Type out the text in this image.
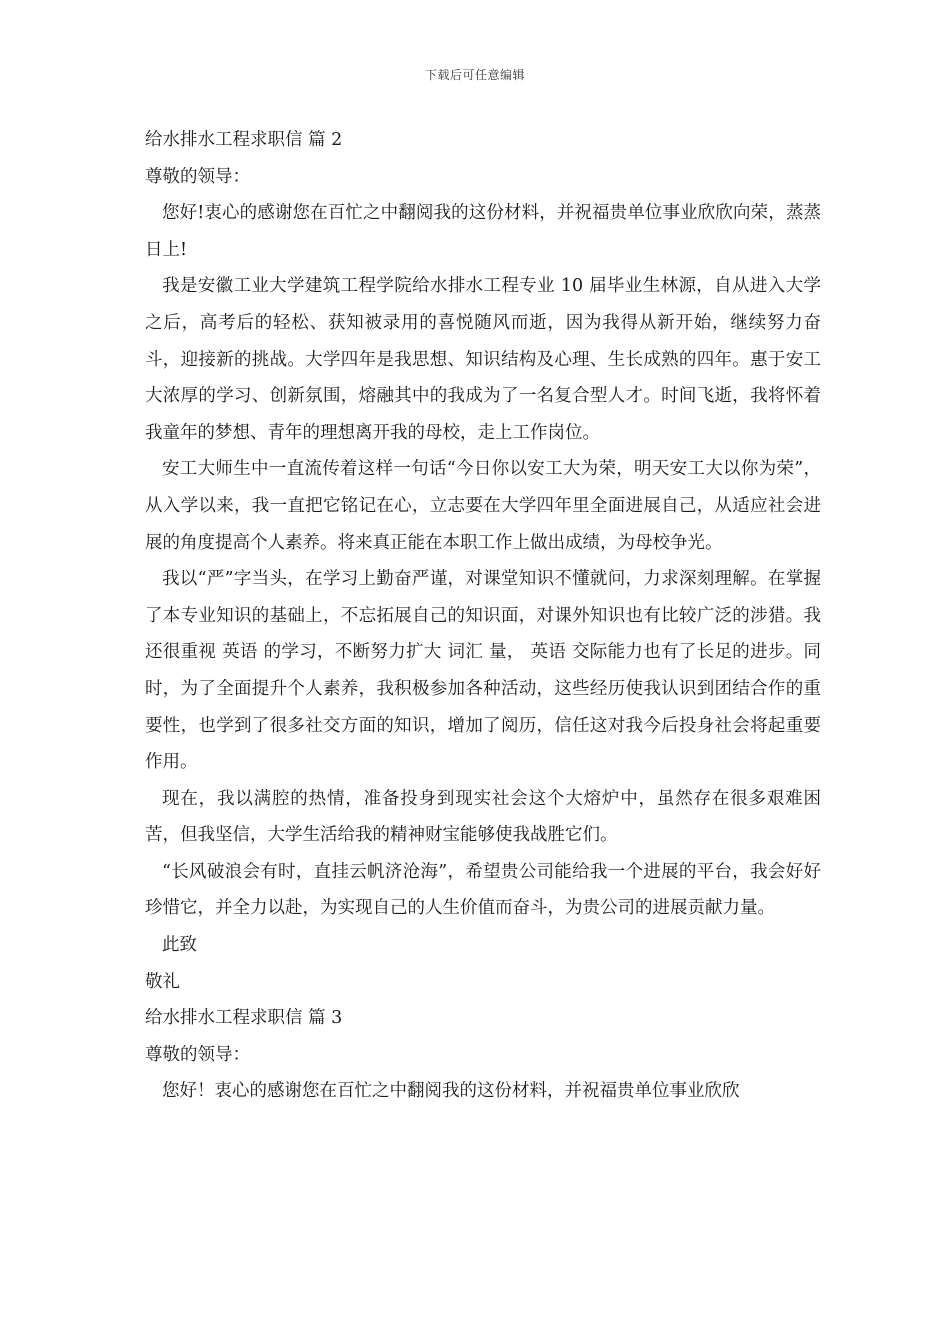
下载后可任意编辑

给水排水工程求职信 篇 2

尊敬的领导：

您好!衷心的感谢您在百忙之中翻阅我的这份材料，并祝福贵单位事业欣欣向荣，蒸蒸日上!

我是安徽工业大学建筑工程学院给水排水工程专业 10 届毕业生林源，自从进入大学之后，高考后的轻松、获知被录用的喜悦随风而逝，因为我得从新开始，继续努力奋斗，迎接新的挑战。大学四年是我思想、知识结构及心理、生长成熟的四年。惠于安工大浓厚的学习、创新氛围，熔融其中的我成为了一名复合型人才。时间飞逝，我将怀着我童年的梦想、青年的理想离开我的母校，走上工作岗位。

安工大师生中一直流传着这样一句话“今日你以安工大为荣，明天安工大以你为荣”，从入学以来，我一直把它铭记在心，立志要在大学四年里全面进展自己，从适应社会进展的角度提高个人素养。将来真正能在本职工作上做出成绩，为母校争光。

我以“严”字当头，在学习上勤奋严谨，对课堂知识不懂就问，力求深刻理解。在掌握了本专业知识的基础上，不忘拓展自己的知识面，对课外知识也有比较广泛的涉猎。我还很重视 英语 的学习，不断努力扩大 词汇 量， 英语 交际能力也有了长足的进步。同时，为了全面提升个人素养，我积极参加各种活动，这些经历使我认识到团结合作的重要性，也学到了很多社交方面的知识，增加了阅历，信任这对我今后投身社会将起重要作用。

现在，我以满腔的热情，准备投身到现实社会这个大熔炉中，虽然存在很多艰难困苦，但我坚信，大学生活给我的精神财宝能够使我战胜它们。

“长风破浪会有时，直挂云帆济沧海”，希望贵公司能给我一个进展的平台，我会好好珍惜它，并全力以赴，为实现自己的人生价值而奋斗，为贵公司的进展贡献力量。

此致

敬礼

给水排水工程求职信 篇 3

尊敬的领导：

您好！衷心的感谢您在百忙之中翻阅我的这份材料，并祝福贵单位事业欣欣
